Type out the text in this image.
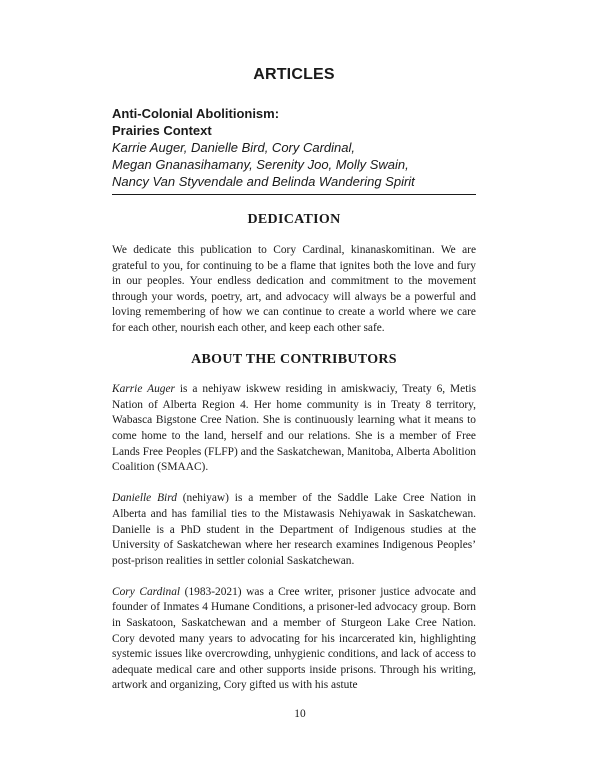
ARTICLES
Anti-Colonial Abolitionism:
Prairies Context
Karrie Auger, Danielle Bird, Cory Cardinal,
Megan Gnanasihamany, Serenity Joo, Molly Swain,
Nancy Van Styvendale and Belinda Wandering Spirit
DEDICATION

We dedicate this publication to Cory Cardinal, kinanaskomitinan. We are grateful to you, for continuing to be a flame that ignites both the love and fury in our peoples. Your endless dedication and commitment to the movement through your words, poetry, art, and advocacy will always be a powerful and loving remembering of how we can continue to create a world where we care for each other, nourish each other, and keep each other safe.

ABOUT THE CONTRIBUTORS

Karrie Auger is a nehiyaw iskwew residing in amiskwaciy, Treaty 6, Metis Nation of Alberta Region 4. Her home community is in Treaty 8 territory, Wabasca Bigstone Cree Nation. She is continuously learning what it means to come home to the land, herself and our relations. She is a member of Free Lands Free Peoples (FLFP) and the Saskatchewan, Manitoba, Alberta Abolition Coalition (SMAAC).

Danielle Bird (nehiyaw) is a member of the Saddle Lake Cree Nation in Alberta and has familial ties to the Mistawasis Nehiyawak in Saskatchewan. Danielle is a PhD student in the Department of Indigenous studies at the University of Saskatchewan where her research examines Indigenous Peoples’ post-prison realities in settler colonial Saskatchewan.

Cory Cardinal (1983-2021) was a Cree writer, prisoner justice advocate and founder of Inmates 4 Humane Conditions, a prisoner-led advocacy group. Born in Saskatoon, Saskatchewan and a member of Sturgeon Lake Cree Nation. Cory devoted many years to advocating for his incarcerated kin, highlighting systemic issues like overcrowding, unhygienic conditions, and lack of access to adequate medical care and other supports inside prisons. Through his writing, artwork and organizing, Cory gifted us with his astute

10
